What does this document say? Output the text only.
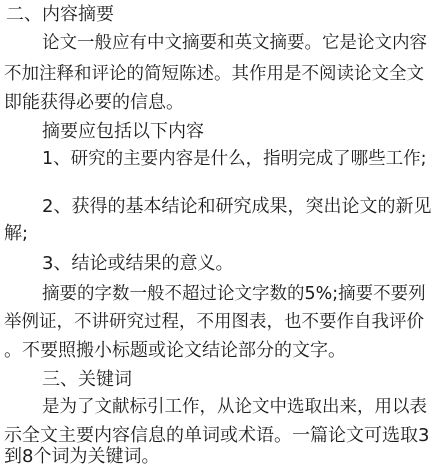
二、内容摘要
论文一般应有中文摘要和英文摘要。它是论文内容
不加注释和评论的简短陈述。其作用是不阅读论文全文
即能获得必要的信息。
摘要应包括以下内容
1、研究的主要内容是什么，指明完成了哪些工作;
2、获得的基本结论和研究成果，突出论文的新见
解;
3、结论或结果的意义。
摘要的字数一般不超过论文字数的5%;摘要不要列
举例证，不讲研究过程，不用图表，也不要作自我评价
。不要照搬小标题或论文结论部分的文字。
三、关键词
是为了文献标引工作，从论文中选取出来，用以表
示全文主要内容信息的单词或术语。一篇论文可选取3
到8个词为关键词。
